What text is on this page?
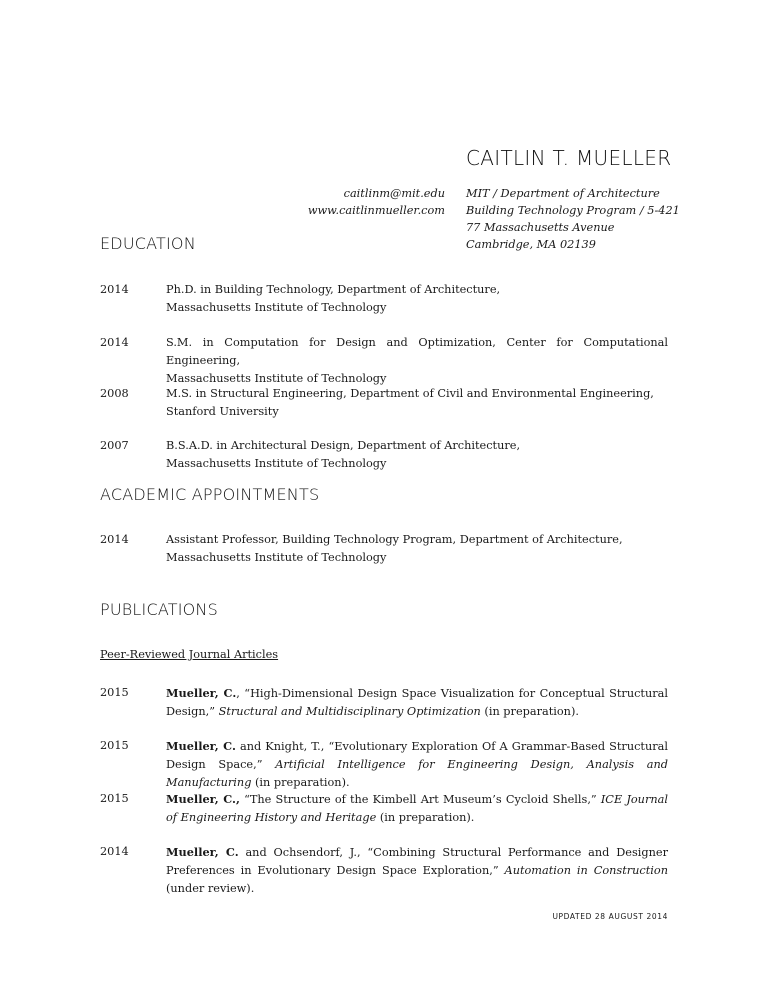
CAITLIN T. MUELLER
caitlinm@mit.edu
www.caitlinmueller.com
MIT / Department of Architecture
Building Technology Program / 5-421
77 Massachusetts Avenue
Cambridge, MA 02139
EDUCATION
2014	Ph.D. in Building Technology, Department of Architecture,
Massachusetts Institute of Technology
2014	S.M. in Computation for Design and Optimization, Center for Computational Engineering,
Massachusetts Institute of Technology
2008	M.S. in Structural Engineering, Department of Civil and Environmental Engineering,
Stanford University
2007	B.S.A.D. in Architectural Design, Department of Architecture,
Massachusetts Institute of Technology
ACADEMIC APPOINTMENTS
2014	Assistant Professor, Building Technology Program, Department of Architecture,
Massachusetts Institute of Technology
PUBLICATIONS
Peer-Reviewed Journal Articles
2015	Mueller, C., “High-Dimensional Design Space Visualization for Conceptual Structural Design,” Structural and Multidisciplinary Optimization (in preparation).
2015	Mueller, C. and Knight, T., “Evolutionary Exploration Of A Grammar-Based Structural Design Space,” Artificial Intelligence for Engineering Design, Analysis and Manufacturing (in preparation).
2015	Mueller, C., “The Structure of the Kimbell Art Museum’s Cycloid Shells,” ICE Journal of Engineering History and Heritage (in preparation).
2014	Mueller, C. and Ochsendorf, J., “Combining Structural Performance and Designer Preferences in Evolutionary Design Space Exploration,” Automation in Construction (under review).
UPDATED 28 AUGUST 2014
